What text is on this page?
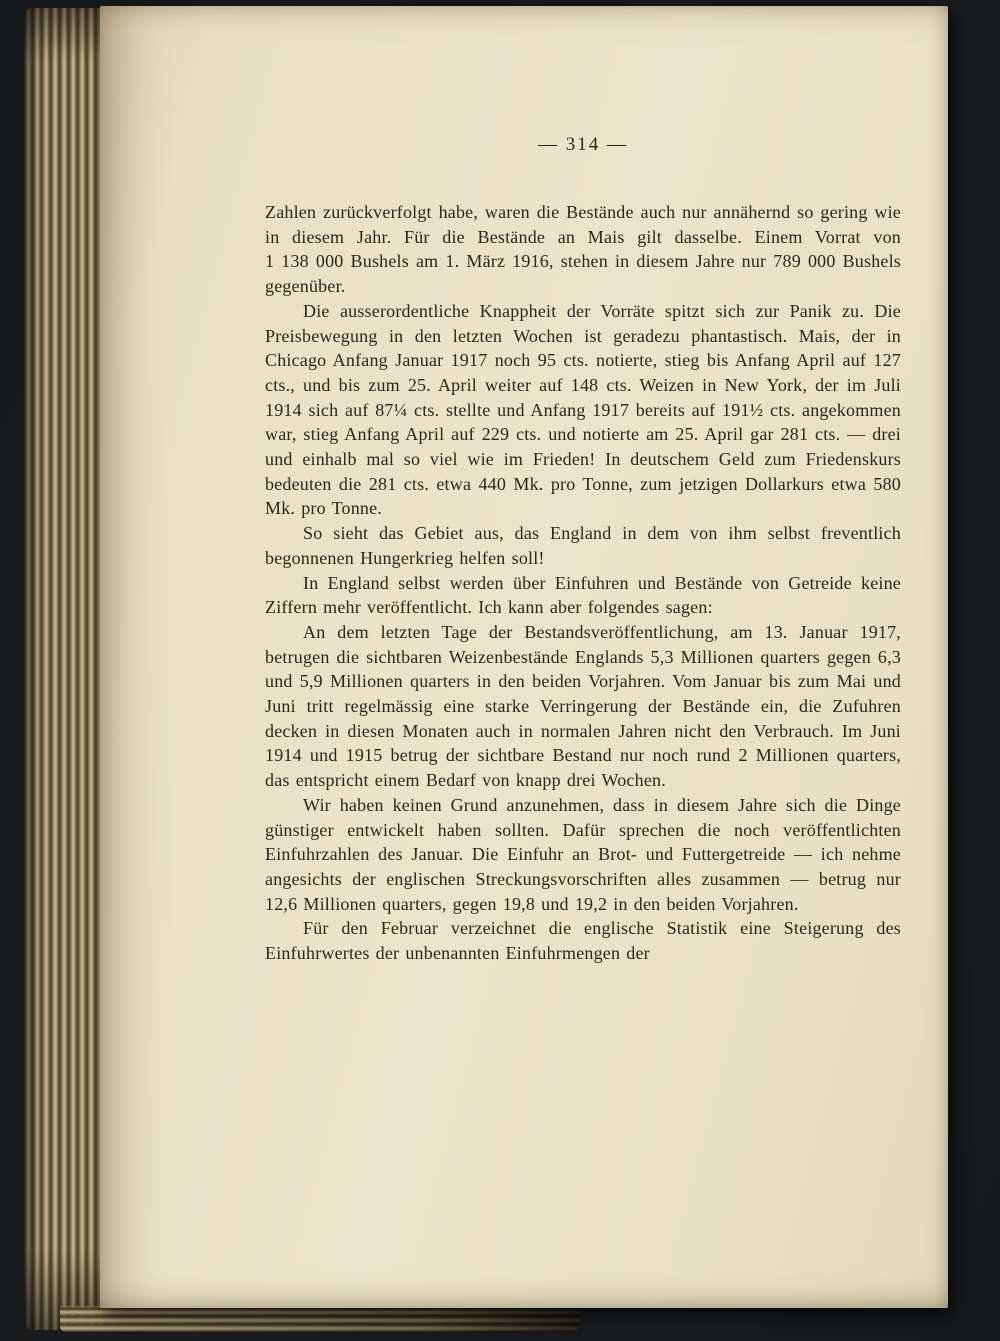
— 314 —

Zahlen zurückverfolgt habe, waren die Bestände auch nur annähernd so gering wie in diesem Jahr. Für die Bestände an Mais gilt dasselbe. Einem Vorrat von 1 138 000 Bushels am 1. März 1916, stehen in diesem Jahre nur 789 000 Bushels gegenüber.

Die ausserordentliche Knappheit der Vorräte spitzt sich zur Panik zu. Die Preisbewegung in den letzten Wochen ist geradezu phantastisch. Mais, der in Chicago Anfang Januar 1917 noch 95 cts. notierte, stieg bis Anfang April auf 127 cts., und bis zum 25. April weiter auf 148 cts. Weizen in New York, der im Juli 1914 sich auf 87¼ cts. stellte und Anfang 1917 bereits auf 191½ cts. angekommen war, stieg Anfang April auf 229 cts. und notierte am 25. April gar 281 cts. — drei und einhalb mal so viel wie im Frieden! In deutschem Geld zum Friedenskurs bedeuten die 281 cts. etwa 440 Mk. pro Tonne, zum jetzigen Dollarkurs etwa 580 Mk. pro Tonne.

So sieht das Gebiet aus, das England in dem von ihm selbst freventlich begonnenen Hungerkrieg helfen soll!

In England selbst werden über Einfuhren und Bestände von Getreide keine Ziffern mehr veröffentlicht. Ich kann aber folgendes sagen:

An dem letzten Tage der Bestandsveröffentlichung, am 13. Januar 1917, betrugen die sichtbaren Weizenbestände Englands 5,3 Millionen quarters gegen 6,3 und 5,9 Millionen quarters in den beiden Vorjahren. Vom Januar bis zum Mai und Juni tritt regelmässig eine starke Verringerung der Bestände ein, die Zufuhren decken in diesen Monaten auch in normalen Jahren nicht den Verbrauch. Im Juni 1914 und 1915 betrug der sichtbare Bestand nur noch rund 2 Millionen quarters, das entspricht einem Bedarf von knapp drei Wochen.

Wir haben keinen Grund anzunehmen, dass in diesem Jahre sich die Dinge günstiger entwickelt haben sollten. Dafür sprechen die noch veröffentlichten Einfuhrzahlen des Januar. Die Einfuhr an Brot- und Futtergetreide — ich nehme angesichts der englischen Streckungsvorschriften alles zusammen — betrug nur 12,6 Millionen quarters, gegen 19,8 und 19,2 in den beiden Vorjahren.

Für den Februar verzeichnet die englische Statistik eine Steigerung des Einfuhrwertes der unbenannten Einfuhrmengen der
